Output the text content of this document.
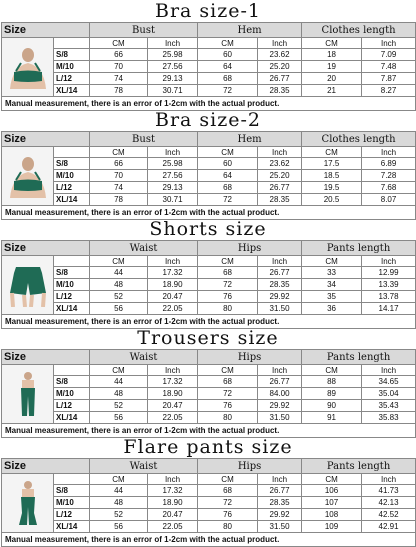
Bra size-1
Size		Bust		Hem		Clothes length	

		CM	Inch	CM	Inch	CM	Inch
	S/8	66	25.98	60	23.62	18	7.09
	M/10	70	27.56	64	25.20	19	7.48
	L/12	74	29.13	68	26.77	20	7.87
	XL/14	78	30.71	72	28.35	21	8.27
Manual measurement, there is an error of 1-2cm with the actual product.							
Bra size-2
Size		Bust		Hem		Clothes length	

		CM	Inch	CM	Inch	CM	Inch
	S/8	66	25.98	60	23.62	17.5	6.89
	M/10	70	27.56	64	25.20	18.5	7.28
	L/12	74	29.13	68	26.77	19.5	7.68
	XL/14	78	30.71	72	28.35	20.5	8.07
Manual measurement, there is an error of 1-2cm with the actual product.							
Shorts size
Size		Waist		Hips		Pants length	

		CM	Inch	CM	Inch	CM	Inch
	S/8	44	17.32	68	26.77	33	12.99
	M/10	48	18.90	72	28.35	34	13.39
	L/12	52	20.47	76	29.92	35	13.78
	XL/14	56	22.05	80	31.50	36	14.17
Manual measurement, there is an error of 1-2cm with the actual product.							
Trousers size
Size		Waist		Hips		Pants length	

		CM	Inch	CM	Inch	CM	Inch
	S/8	44	17.32	68	26.77	88	34.65
	M/10	48	18.90	72	84.00	89	35.04
	L/12	52	20.47	76	29.92	90	35.43
	XL/14	56	22.05	80	31.50	91	35.83
Manual measurement, there is an error of 1-2cm with the actual product.							
Flare pants size
Size		Waist		Hips		Pants length	

		CM	Inch	CM	Inch	CM	Inch
	S/8	44	17.32	68	26.77	106	41.73
	M/10	48	18.90	72	28.35	107	42.13
	L/12	52	20.47	76	29.92	108	42.52
	XL/14	56	22.05	80	31.50	109	42.91
Manual measurement, there is an error of 1-2cm with the actual product.							
